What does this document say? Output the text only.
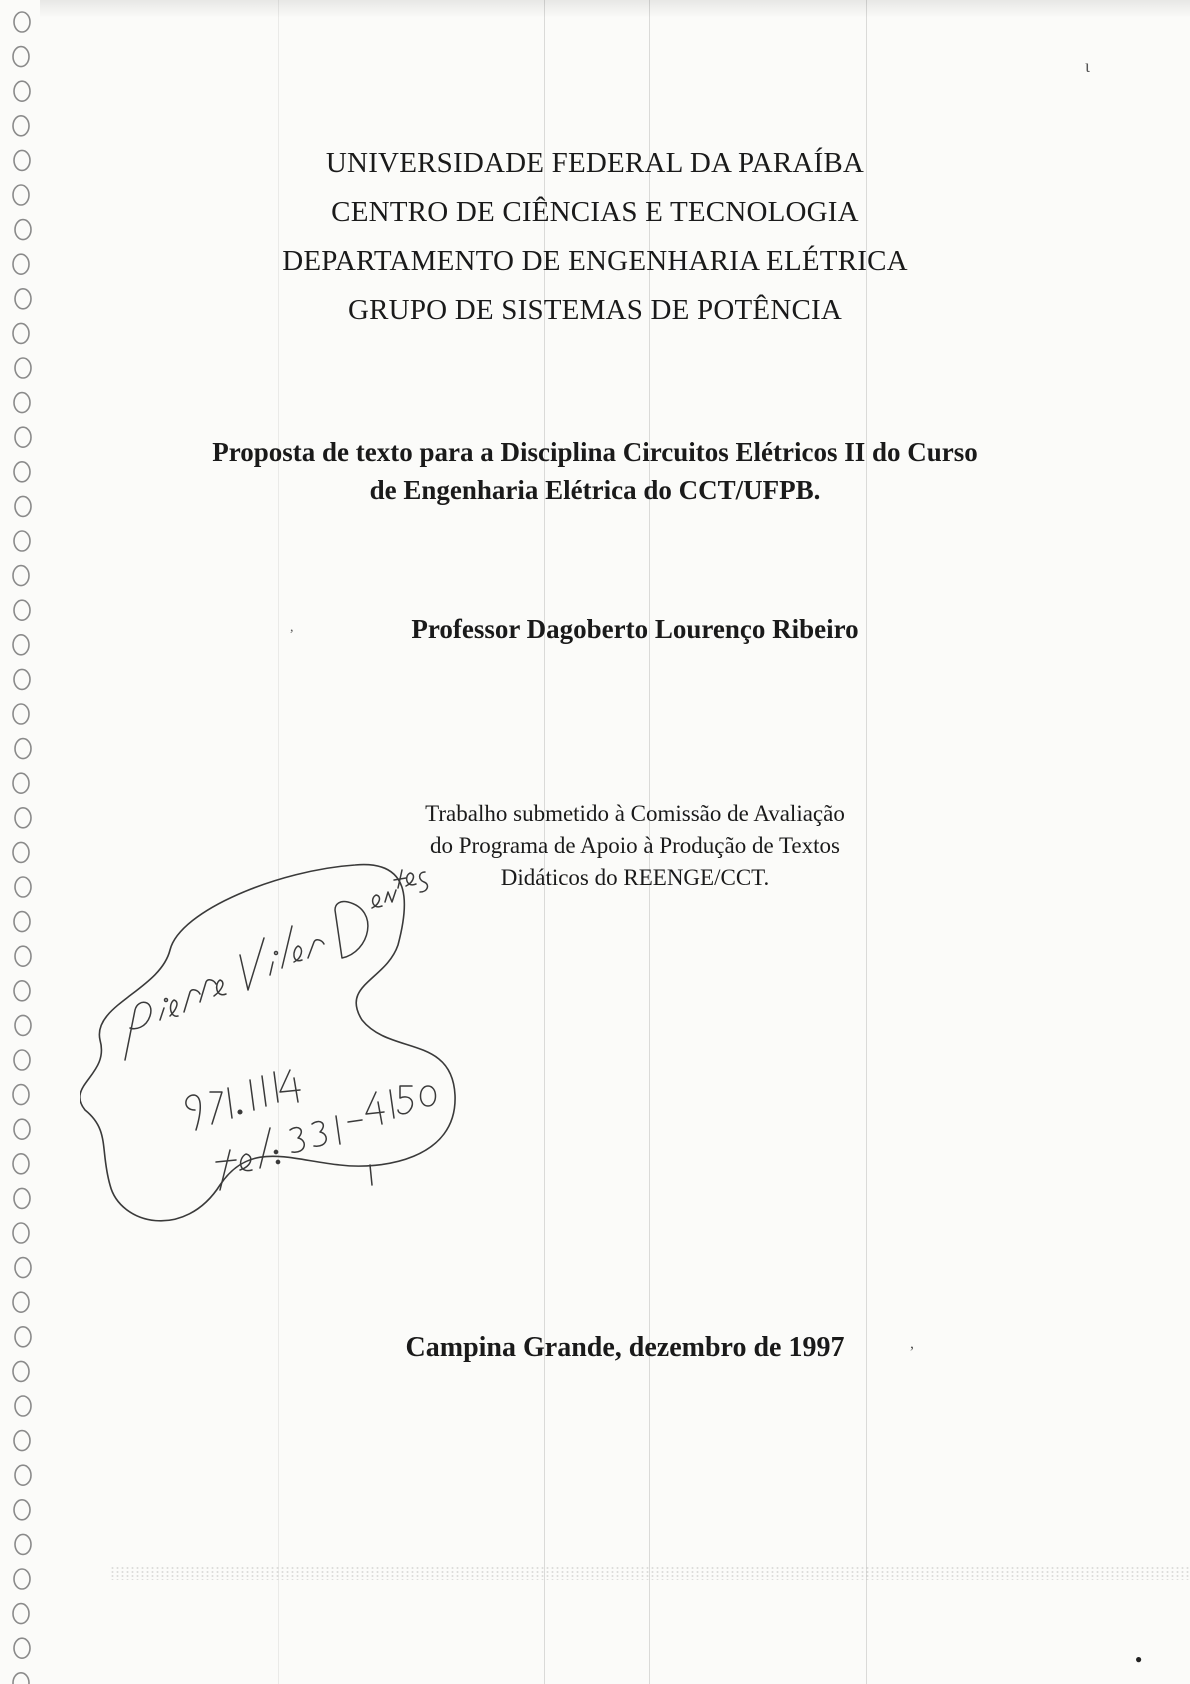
UNIVERSIDADE FEDERAL DA PARAÍBA
CENTRO DE CIÊNCIAS E TECNOLOGIA
DEPARTAMENTO DE ENGENHARIA ELÉTRICA
GRUPO DE SISTEMAS DE POTÊNCIA
Proposta de texto para a Disciplina Circuitos Elétricos II do Curso
de Engenharia Elétrica do CCT/UFPB.
Professor Dagoberto Lourenço Ribeiro
Trabalho submetido à Comissão de Avaliação
do Programa de Apoio à Produção de Textos
Didáticos do REENGE/CCT.
Campina Grande, dezembro de 1997
ι
●
,
,
